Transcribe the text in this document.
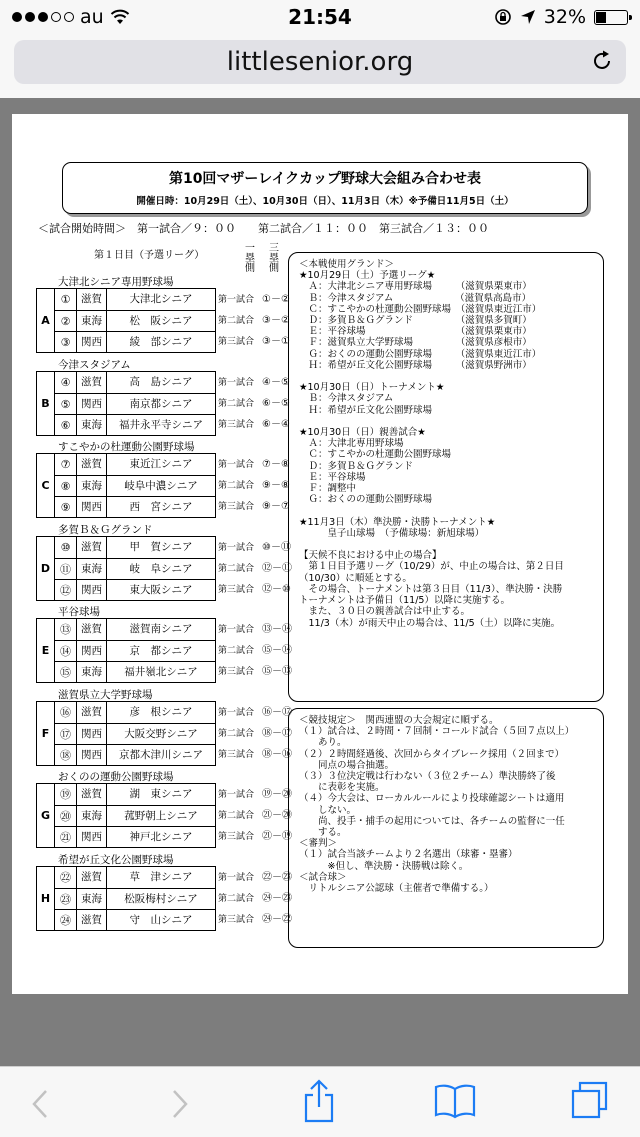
au	21:54	32%
littlesenior.org
第10回マザーレイクカップ野球大会組み合わせ表
開催日時：10月29日（土）、10月30日（日）、11月3日（木）※予備日11月5日（土）
＜試合開始時間＞　第一試合／９：００　　第二試合／１１：００　第三試合／１３：００
第１日目（予選リーグ）
一塁側
三塁側
大津北シニア専用野球場
第一試合 ①－②
第二試合 ③－②
第三試合 ③－①
A
①	滋賀	大津北シニア
②	東海	松　阪シニア
③	関西	綾　部シニア
今津スタジアム
第一試合 ④－⑤
第二試合 ⑥－⑤
第三試合 ⑥－④
B
④	滋賀	高　島シニア
⑤	関西	南京都シニア
⑥	東海	福井永平寺シニア
すこやかの杜運動公園野球場
第一試合 ⑦－⑧
第二試合 ⑨－⑧
第三試合 ⑨－⑦
C
⑦	滋賀	東近江シニア
⑧	東海	岐阜中濃シニア
⑨	関西	西　宮シニア
多賀Ｂ＆Ｇグランド
第一試合 ⑩－⑪
第二試合 ⑫－⑪
第三試合 ⑫－⑩
D
⑩	滋賀	甲　賀シニア
⑪ 東海	岐　阜シニア
⑫ 関西	東大阪シニア
平谷球場
第一試合 ⑬－⑭
第二試合 ⑮－⑭
第三試合 ⑮－⑬
E
⑬ 滋賀	滋賀南シニア
⑭ 関西	京　都シニア
⑮ 東海	福井嶺北シニア
滋賀県立大学野球場
第一試合 ⑯－⑰
第二試合 ⑱－⑰
第三試合 ⑱－⑯
F
⑯ 滋賀	彦　根シニア
⑰ 関西	大阪交野シニア
⑱ 関西	京都木津川シニア
おくのの運動公園野球場
第一試合 ⑲－⑳
第二試合 ㉑－⑳
第三試合 ㉑－⑲
G
⑲ 滋賀	湖　東シニア
⑳ 東海	菰野朝上シニア
㉑ 関西	神戸北シニア
希望が丘文化公園野球場
第一試合 ㉒－㉓
第二試合 ㉔－㉓
第三試合 ㉔－㉒
H
㉒ 滋賀	草　津シニア
㉓ 東海	松阪梅村シニア
㉔ 滋賀	守　山シニア
＜本戦使用グランド＞
★10月29日（土）予選リーグ★
　Ａ：大津北シニア専用野球場　　　（滋賀県栗東市）
　Ｂ：今津スタジアム　　　　　　　（滋賀県高島市）
　Ｃ：すこやかの杜運動公園野球場　（滋賀県東近江市）
　Ｄ：多賀Ｂ＆Ｇグランド　　　　　（滋賀県多賀町）
　Ｅ：平谷球場　　　　　　　　　　（滋賀県栗東市）
　Ｆ：滋賀県立大学野球場　　　　　（滋賀県彦根市）
　Ｇ：おくのの運動公園野球場　　　（滋賀県東近江市）
　Ｈ：希望が丘文化公園野球場　　　（滋賀県野洲市）

★10月30日（日）トーナメント★
　Ｂ：今津スタジアム
　Ｈ：希望が丘文化公園野球場

★10月30日（日）親善試合★
　Ａ：大津北専用野球場
　Ｃ：すこやかの杜運動公園野球場
　Ｄ：多賀Ｂ＆Ｇグランド
　Ｅ：平谷球場
　Ｆ：調整中
　Ｇ：おくのの運動公園野球場

★11月3日（木）準決勝・決勝トーナメント★
　　　皇子山球場　（予備球場：新旭球場）

【天候不良における中止の場合】
　第１日目予選リーグ（10/29）が、中止の場合は、第２日目
（10/30）に順延とする。
　その場合、トーナメントは第３日目（11/3）、準決勝・決勝
トーナメントは予備日（11/5）以降に実施する。
　また、３０日の親善試合は中止する。
　11/3（木）が雨天中止の場合は、11/5（土）以降に実施。
＜競技規定＞　関西連盟の大会規定に順ずる。
（１）試合は、２時間・７回制・コールド試合（５回７点以上）
　　あり。
（２）２時間経過後、次回からタイブレーク採用（２回まで）
　　同点の場合抽選。
（３）３位決定戦は行わない（３位２チーム）準決勝終了後
　　に表彰を実施。
（４）今大会は、ローカルルールにより投球確認シートは適用
　　しない。
　　尚、投手・捕手の起用については、各チームの監督に一任
　　する。
＜審判＞
（１）試合当該チームより２名選出（球審・塁審）
　　　※但し、準決勝・決勝戦は除く。
＜試合球＞
　リトルシニア公認球（主催者で準備する。）
